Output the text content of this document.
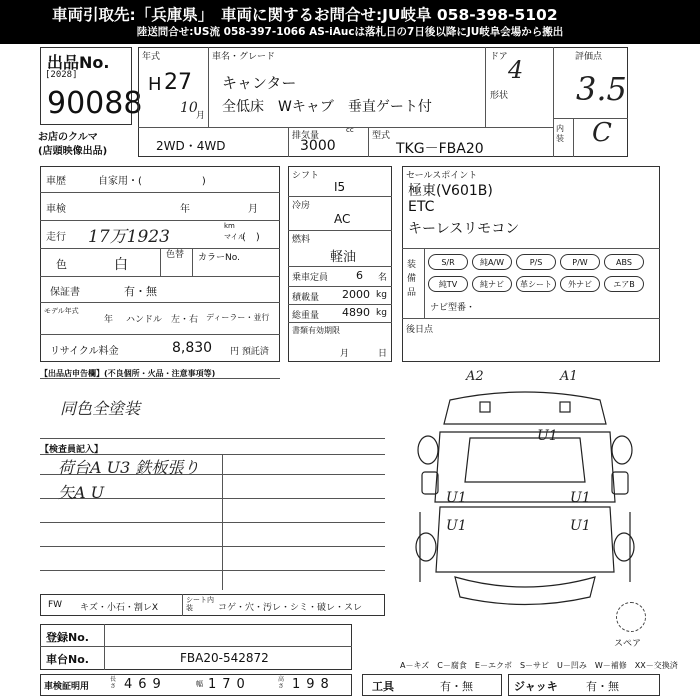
車両引取先:「兵庫県」　車両に関するお問合せ:JU岐阜 058-398-5102
陸送問合せ:US流 058-397-1066 AS-iAucは落札日の7日後以降にJU岐阜会場から搬出
出品No.
[2028]
90088
お店のクルマ
(店頭映像出品)
年式
H 27
10
月
車名・グレード
キャンター
全低床　Wキャブ　垂直ゲート付
ドア 4
形状
評価点
3.5
内装 C
2WD・4WD
排気量
cc
3000
型式
TKG－FBA20
車歴	自家用・(　　　　　　)
車検	年	月
走行 17万1923
km
マイル
(　)
色	白
色替 カラーNo.
保証書	有・無
モデル年式
年 ハンドル　左・右 ディーラー・並行
リサイクル料金	8,830 円 預託済
シフト
I5
冷房
AC
燃料
軽油
乗車定員	6 名
積載量 2000 kg
総重量 4890 kg
書類有効期限
月	日
セールスポイント
極東(V601B)
ETC
キーレスリモコン
装備品
S/R	純A/W	P/S	P/W	ABS
純TV	純ナビ	革シート	外ナビ	エアB
ナビ型番・
後日点
【出品店申告欄】(不良個所・火品・注意事項等)
同色全塗装
【検査員記入】
荷台A U3 鉄板張り
矢A U
A2	A1
U1
U1
U1
U1
U1
スペア
FW キズ・小石・割レX
シート内装	コゲ・穴・汚レ・シミ・破レ・スレ
登録No.
車台No.	FBA20-542872
A－キズ　C－腐食　E－エクボ　S－サビ　U－凹み　W－補修　XX－交換済
車検証明用
長さ 469	幅 170	高さ 198	工具	有・無	ジャッキ	有・無
